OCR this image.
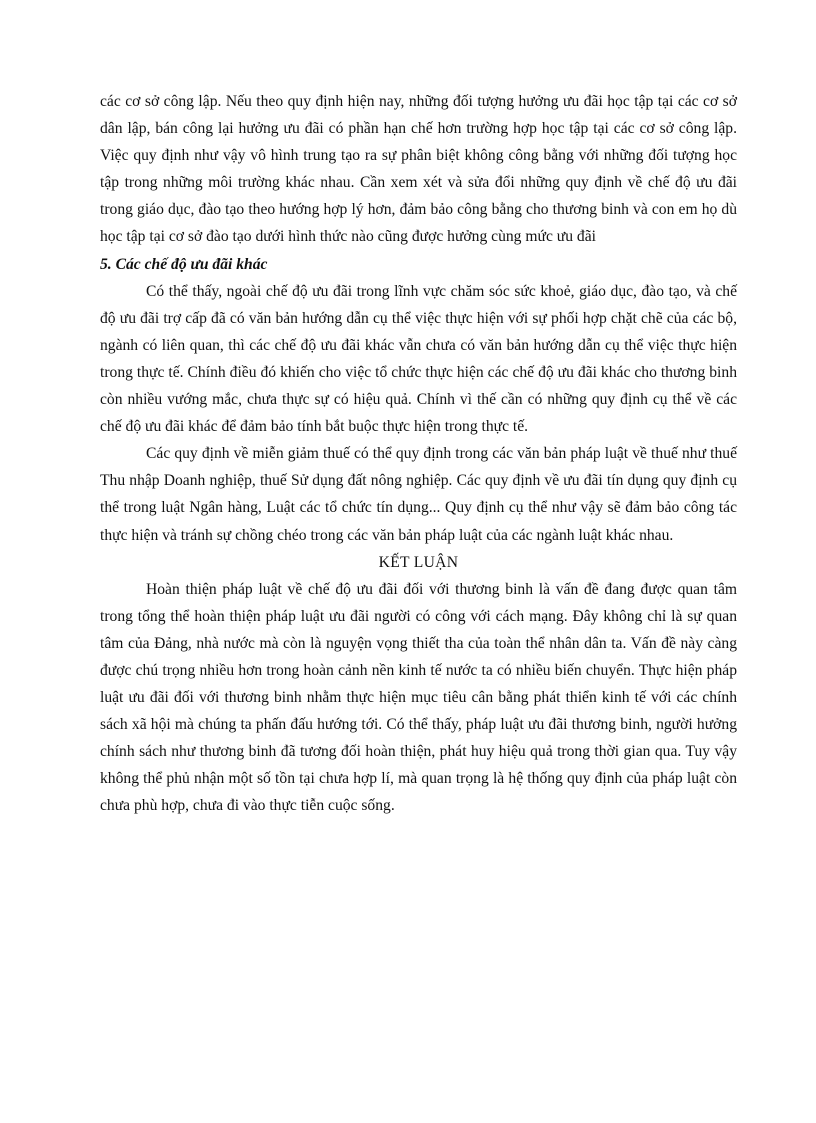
các cơ sở công lập. Nếu theo quy định hiện nay, những đối tượng hưởng ưu đãi học tập tại các cơ sở dân lập, bán công lại hưởng ưu đãi có phần hạn chế hơn trường hợp học tập tại các cơ sở công lập. Việc quy định như vậy vô hình trung tạo ra sự phân biệt không công bằng với những đối tượng học tập trong những môi trường khác nhau. Cần xem xét và sửa đổi những quy định về chế độ ưu đãi trong giáo dục, đào tạo theo hướng hợp lý hơn, đảm bảo công bằng cho thương binh và con em họ dù học tập tại cơ sở đào tạo dưới hình thức nào cũng được hưởng cùng mức ưu đãi

5. Các chế độ ưu đãi khác

Có thể thấy, ngoài chế độ ưu đãi trong lĩnh vực chăm sóc sức khoẻ, giáo dục, đào tạo, và chế độ ưu đãi trợ cấp đã có văn bản hướng dẫn cụ thể việc thực hiện với sự phối hợp chặt chẽ của các bộ, ngành có liên quan, thì các chế độ ưu đãi khác vẫn chưa có văn bản hướng dẫn cụ thể việc thực hiện trong thực tế. Chính điều đó khiến cho việc tổ chức thực hiện các chế độ ưu đãi khác cho thương binh còn nhiều vướng mắc, chưa thực sự có hiệu quả. Chính vì thế cần có những quy định cụ thể về các chế độ ưu đãi khác để đảm bảo tính bắt buộc thực hiện trong thực tế.

Các quy định về miễn giảm thuế có thể quy định trong các văn bản pháp luật về thuế như thuế Thu nhập Doanh nghiệp, thuế Sử dụng đất nông nghiệp. Các quy định về ưu đãi tín dụng quy định cụ thể trong luật Ngân hàng, Luật các tổ chức tín dụng... Quy định cụ thể như vậy sẽ đảm bảo công tác thực hiện và tránh sự chồng chéo trong các văn bản pháp luật của các ngành luật khác nhau.

KẾT LUẬN

Hoàn thiện pháp luật về chế độ ưu đãi đối với thương binh là vấn đề đang được quan tâm trong tổng thể hoàn thiện pháp luật ưu đãi người có công với cách mạng. Đây không chỉ là sự quan tâm của Đảng, nhà nước mà còn là nguyện vọng thiết tha của toàn thể nhân dân ta. Vấn đề này càng được chú trọng nhiều hơn trong hoàn cảnh nền kinh tế nước ta có nhiều biến chuyển. Thực hiện pháp luật ưu đãi đối với thương binh nhằm thực hiện mục tiêu cân bằng phát thiển kinh tế với các chính sách xã hội mà chúng ta phấn đấu hướng tới. Có thể thấy, pháp luật ưu đãi thương binh, người hưởng chính sách như thương binh đã tương đối hoàn thiện, phát huy hiệu quả trong thời gian qua. Tuy vậy không thể phủ nhận một số tồn tại chưa hợp lí, mà quan trọng là hệ thống quy định của pháp luật còn chưa phù hợp, chưa đi vào thực tiễn cuộc sống.
